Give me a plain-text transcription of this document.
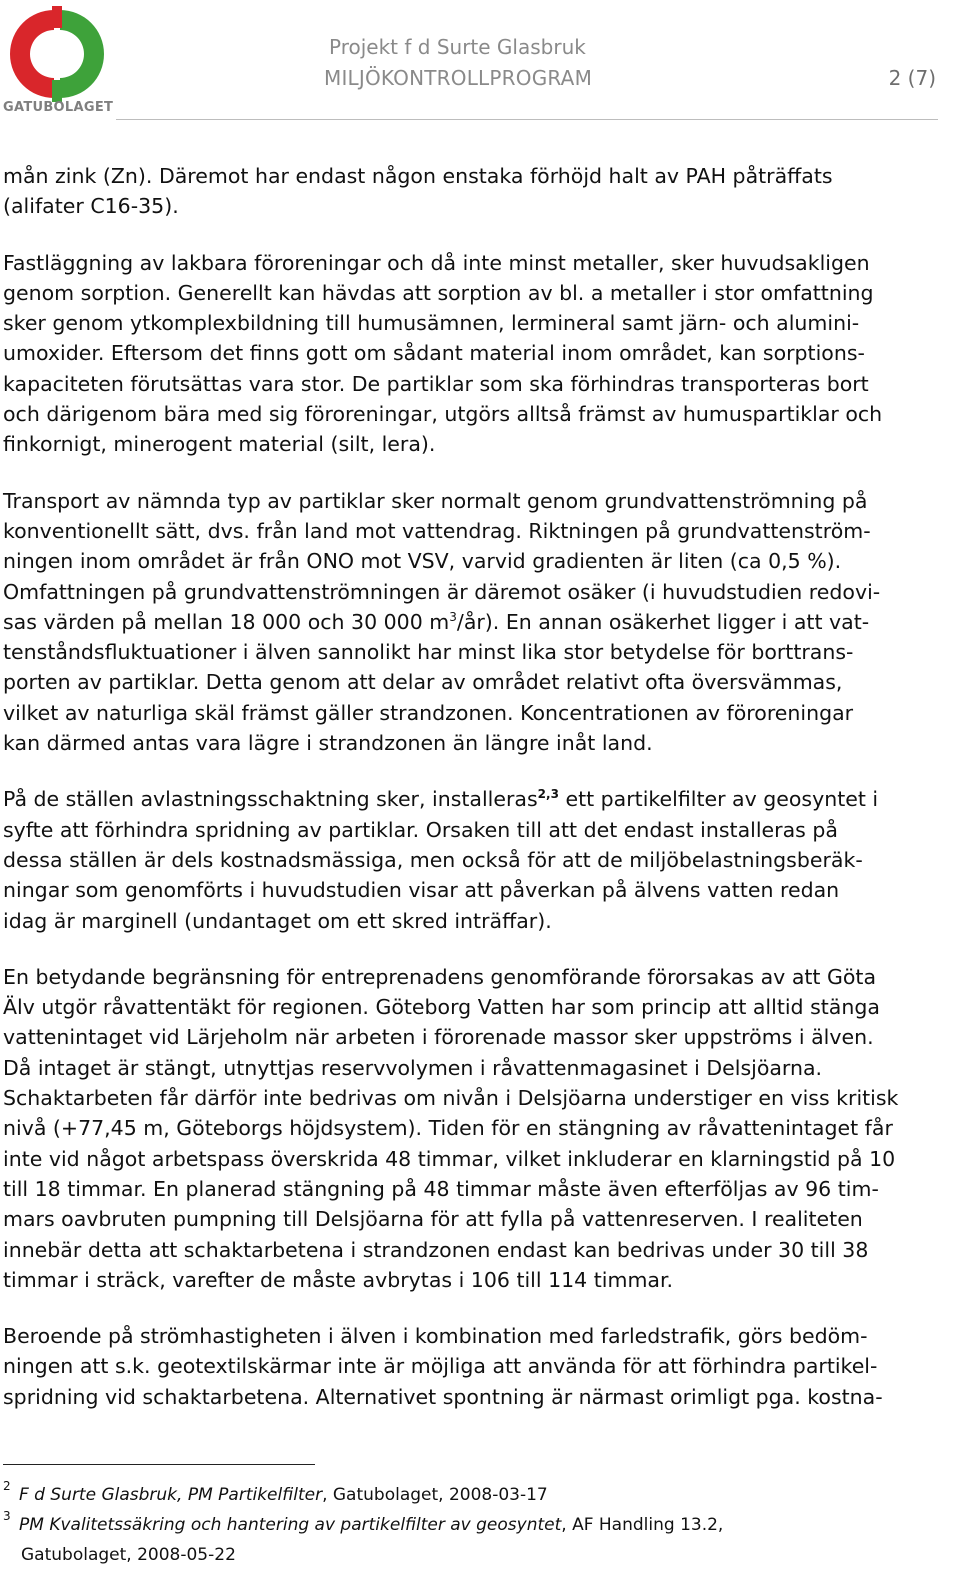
GATUBOLAGET
Projekt f d Surte Glasbruk
MILJÖKONTROLLPROGRAM	2 (7)

mån zink (Zn). Däremot har endast någon enstaka förhöjd halt av PAH påträffats
(alifater C16-35).

Fastläggning av lakbara föroreningar och då inte minst metaller, sker huvudsakligen
genom sorption. Generellt kan hävdas att sorption av bl. a metaller i stor omfattning
sker genom ytkomplexbildning till humusämnen, lermineral samt järn- och alumini-
umoxider. Eftersom det finns gott om sådant material inom området, kan sorptions-
kapaciteten förutsättas vara stor. De partiklar som ska förhindras transporteras bort
och därigenom bära med sig föroreningar, utgörs alltså främst av humuspartiklar och
finkornigt, minerogent material (silt, lera).

Transport av nämnda typ av partiklar sker normalt genom grundvattenströmning på
konventionellt sätt, dvs. från land mot vattendrag. Riktningen på grundvattenström-
ningen inom området är från ONO mot VSV, varvid gradienten är liten (ca 0,5 %).
Omfattningen på grundvattenströmningen är däremot osäker (i huvudstudien redovi-
sas värden på mellan 18 000 och 30 000 $m^3/år$). En annan osäkerhet ligger i att vat-
tenståndsfluktuationer i älven sannolikt har minst lika stor betydelse för borttrans-
porten av partiklar. Detta genom att delar av området relativt ofta översvämmas,
vilket av naturliga skäl främst gäller strandzonen. Koncentrationen av föroreningar
kan därmed antas vara lägre i strandzonen än längre inåt land.

På de ställen avlastningsschaktning sker, installeras$^{2,3}$ ett partikelfilter av geosyntet i
syfte att förhindra spridning av partiklar. Orsaken till att det endast installeras på
dessa ställen är dels kostnadsmässiga, men också för att de miljöbelastningsberäk-
ningar som genomförts i huvudstudien visar att påverkan på älvens vatten redan
idag är marginell (undantaget om ett skred inträffar).

En betydande begränsning för entreprenadens genomförande förorsakas av att Göta
Älv utgör råvattentäkt för regionen. Göteborg Vatten har som princip att alltid stänga
vattenintaget vid Lärjeholm när arbeten i förorenade massor sker uppströms i älven.
Då intaget är stängt, utnyttjas reservvolymen i råvattenmagasinet i Delsjöarna.
Schaktarbeten får därför inte bedrivas om nivån i Delsjöarna understiger en viss kritisk
nivå (+77,45 m, Göteborgs höjdsystem). Tiden för en stängning av råvattenintaget får
inte vid något arbetspass överskrida 48 timmar, vilket inkluderar en klarningstid på 10
till 18 timmar. En planerad stängning på 48 timmar måste även efterföljas av 96 tim-
mars oavbruten pumpning till Delsjöarna för att fylla på vattenreserven. I realiteten
innebär detta att schaktarbetena i strandzonen endast kan bedrivas under 30 till 38
timmar i sträck, varefter de måste avbrytas i 106 till 114 timmar.

Beroende på strömhastigheten i älven i kombination med farledstrafik, görs bedöm-
ningen att s.k. geotextilskärmar inte är möjliga att använda för att förhindra partikel-
spridning vid schaktarbetena. Alternativet spontning är närmast orimligt pga. kostna-

2 F d Surte Glasbruk, PM Partikelfilter, Gatubolaget, 2008-03-17
3 PM Kvalitetssäkring och hantering av partikelfilter av geosyntet, AF Handling 13.2,
Gatubolaget, 2008-05-22
